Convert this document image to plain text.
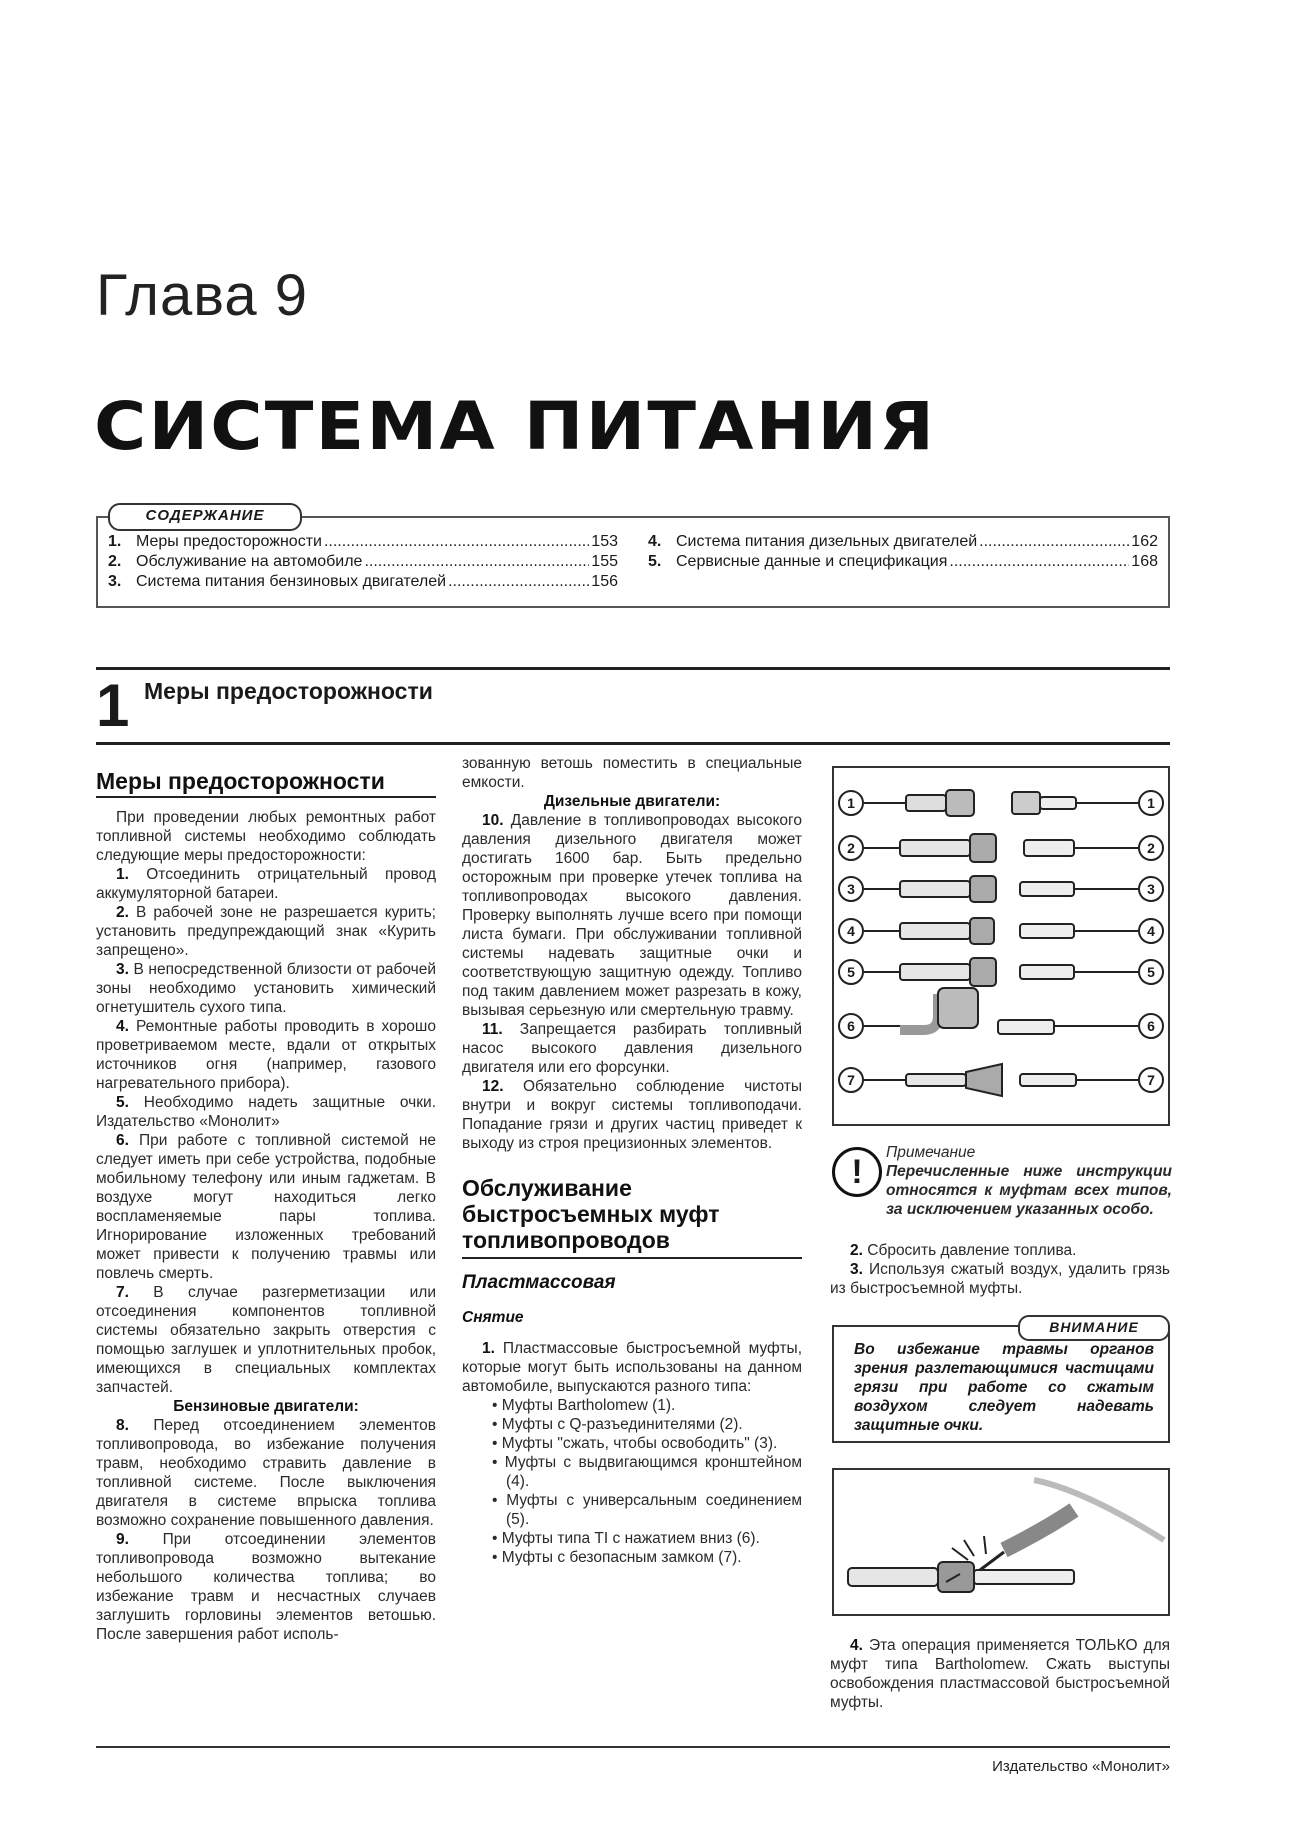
Глава 9
СИСТЕМА ПИТАНИЯ
СОДЕРЖАНИЕ
1. Меры предосторожности .....	153
2. Обслуживание на автомобиле .....	155
3. Система питания бензиновых двигателей .....	156
4. Система питания дизельных двигателей .....	162
5. Сервисные данные и спецификация .....	168
1 Меры предосторожности
Меры предосторожности

При проведении любых ремонтных работ топливной системы необходимо соблюдать следующие меры предосторожности:

1. Отсоединить отрицательный провод аккумуляторной батареи.

2. В рабочей зоне не разрешается курить; установить предупреждающий знак «Курить запрещено».

3. В непосредственной близости от рабочей зоны необходимо установить химический огнетушитель сухого типа.

4. Ремонтные работы проводить в хорошо проветриваемом месте, вдали от открытых источников огня (например, газового нагревательного прибора).

5. Необходимо надеть защитные очки. Издательство «Монолит»

6. При работе с топливной системой не следует иметь при себе устройства, подобные мобильному телефону или иным гаджетам. В воздухе могут находиться легко воспламеняемые пары топлива. Игнорирование изложенных требований может привести к получению травмы или повлечь смерть.

7. В случае разгерметизации или отсоединения компонентов топливной системы обязательно закрыть отверстия с помощью заглушек и уплотнительных пробок, имеющихся в специальных комплектах запчастей.

Бензиновые двигатели:

8. Перед отсоединением элементов топливопровода, во избежание получения травм, необходимо стравить давление в топливной системе. После выключения двигателя в системе впрыска топлива возможно сохранение повышенного давления.

9. При отсоединении элементов топливопровода возможно вытекание небольшого количества топлива; во избежание травм и несчастных случаев заглушить горловины элементов ветошью. После завершения работ исполь-

зованную ветошь поместить в специальные емкости.

Дизельные двигатели:

10. Давление в топливопроводах высокого давления дизельного двигателя может достигать 1600 бар. Быть предельно осторожным при проверке утечек топлива на топливопроводах высокого давления. Проверку выполнять лучше всего при помощи листа бумаги. При обслуживании топливной системы надевать защитные очки и соответствующую защитную одежду. Топливо под таким давлением может разрезать в кожу, вызывая серьезную или смертельную травму.

11. Запрещается разбирать топливный насос высокого давления дизельного двигателя или его форсунки.

12. Обязательно соблюдение чистоты внутри и вокруг системы топливоподачи. Попадание грязи и других частиц приведет к выходу из строя прецизионных элементов.

Обслуживание быстросъемных муфт топливопроводов

Пластмассовая

Снятие

1. Пластмассовые быстросъемной муфты, которые могут быть использованы на данном автомобиле, выпускаются разного типа:

• Муфты Bartholomew (1).

• Муфты с Q-разъединителями (2).

• Муфты "сжать, чтобы освободить" (3).

• Муфты с выдвигающимся кронштейном (4).

• Муфты с универсальным соединением (5).

• Муфты типа TI с нажатием вниз (6).

• Муфты с безопасным замком (7).

1	1
2	2
3	3
4	4
5	5
6	6
7	7
!
Примечание
Перечисленные ниже инструкции относятся к муфтам всех типов, за исключением указанных особо.

2. Сбросить давление топлива.

3. Используя сжатый воздух, удалить грязь из быстросъемной муфты.

ВНИМАНИЕ
Во избежание травмы органов зрения разлетающимися частицами грязи при работе со сжатым воздухом следует надевать защитные очки.

4. Эта операция применяется ТОЛЬКО для муфт типа Bartholomew. Сжать выступы освобождения пластмассовой быстросъемной муфты.

Издательство «Монолит»
